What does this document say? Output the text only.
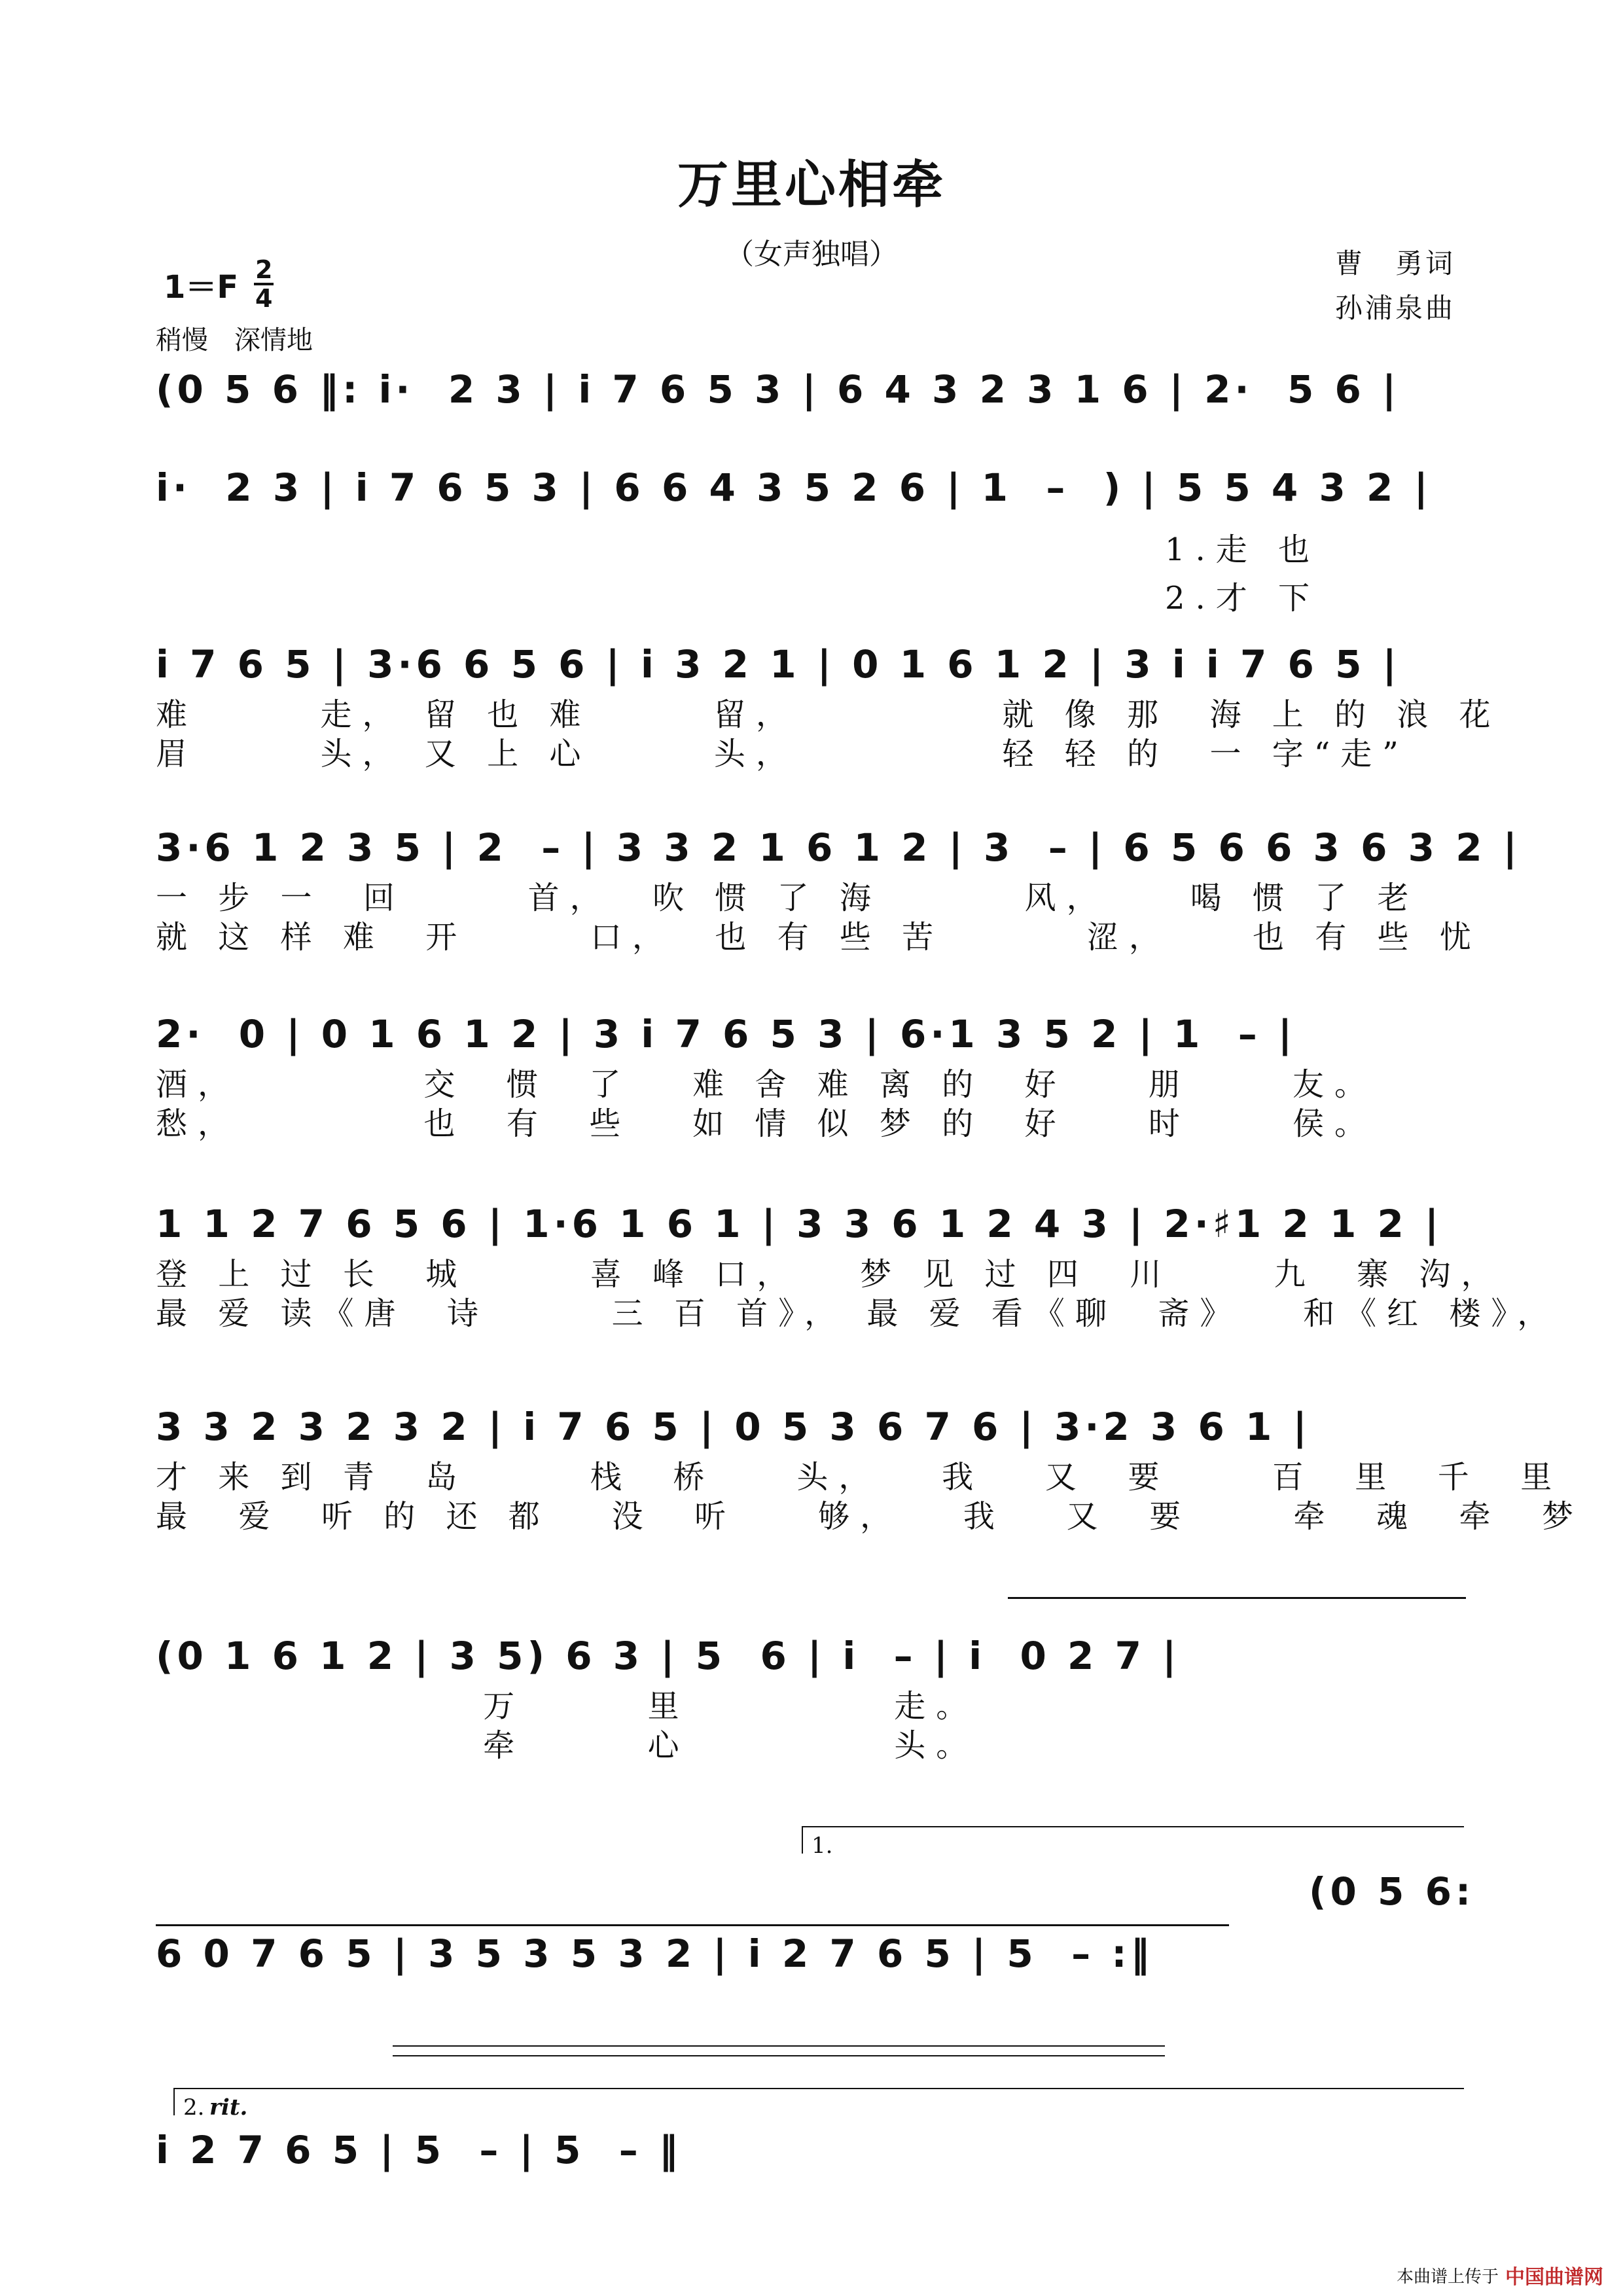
万里心相牵
（女声独唱）
$1=F \frac{2}{4}$	曹　勇词
孙浦泉曲
稍慢　深情地
(0 5 6 ‖: i·  2 3 | i 7 6 5 3 | 6 4 3 2 3 1 6 | 2·  5 6 |
i·  2 3 | i 7 6 5 3 | 6 6 4 3 5 2 6 | 1  –  ) | 5 5 4 3 2 |
1.走 也
2.才 下
i 7 6 5 | 3·6 6 5 6 | i 3 2 1 | 0 1 6 1 2 | 3 i i 7 6 5 |
难      走， 留 也 难      留，          就 像 那  海 上 的 浪 花
眉      头， 又 上 心      头，          轻 轻 的  一 字“走”
3·6 1 2 3 5 | 2  – | 3 3 2 1 6 1 2 | 3  – | 6 5 6 6 3 6 3 2 |
一 步 一  回      首，  吹 惯 了 海       风，    喝 惯 了 老
就 这 样 难  开      口，  也 有 些 苦       涩，    也 有 些 忧
2·  0 | 0 1 6 1 2 | 3 i 7 6 5 3 | 6·1 3 5 2 | 1  – |
酒，         交  惯  了   难 舍 难 离 的  好    朋     友。
愁，         也  有  些   如 情 似 梦 的  好    时     侯。
1 1 2 7 6 5 6 | 1·6 1 6 1 | 3 3 6 1 2 4 3 | 2·♯1 2 1 2 |
登 上 过 长  城      喜 峰 口，   梦 见 过 四  川     九  寨 沟，
最 爱 读《唐  诗      三 百 首》， 最 爱 看《聊  斋》   和《红 楼》，
3 3 2 3 2 3 2 | i 7 6 5 | 0 5 3 6 7 6 | 3·2 3 6 1 |
才 来 到 青  岛      栈  桥    头，   我   又  要     百  里  千  里
最  爱  听 的 还 都   没  听    够，   我   又  要     牵  魂  牵  梦
(0 1 6 1 2 | 3 5) 6 3 | 5  6 | i  – | i  0 2 7 |
万      里          走。
牵      心          头。
1.
(0 5 6:
6 0 7 6 5 | 3 5 3 5 3 2 | i 2 7 6 5 | 5  – :‖
2. rit.
i 2 7 6 5 | 5  – | 5  – ‖
本曲谱上传于 中国曲谱网
